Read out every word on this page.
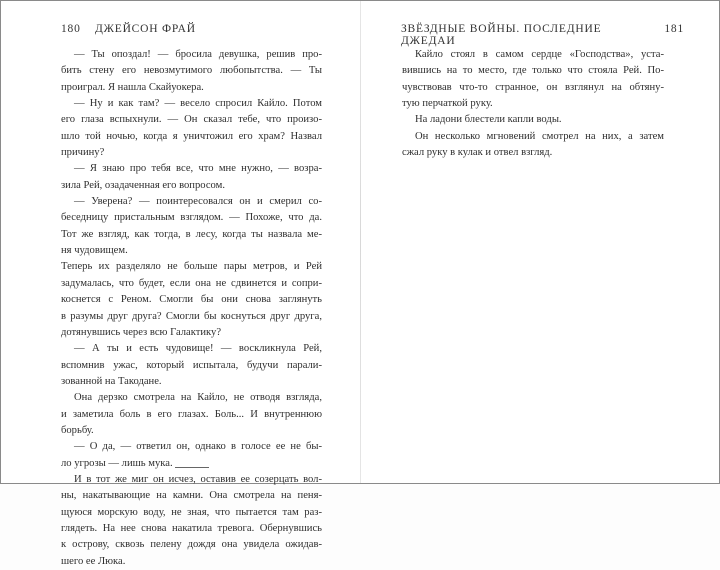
180 ДЖЕЙСОН ФРАЙ
— Ты опоздал! — бросила девушка, решив про-
бить стену его невозмутимого любопытства. — Ты
проиграл. Я нашла Скайуокера.
— Ну и как там? — весело спросил Кайло. Потом
его глаза вспыхнули. — Он сказал тебе, что произо-
шло той ночью, когда я уничтожил его храм? Назвал
причину?
— Я знаю про тебя все, что мне нужно, — возра-
зила Рей, озадаченная его вопросом.
— Уверена? — поинтересовался он и смерил со-
беседницу пристальным взглядом. — Похоже, что да.
Тот же взгляд, как тогда, в лесу, когда ты назвала ме-
ня чудовищем.
Теперь их разделяло не больше пары метров, и Рей
задумалась, что будет, если она не сдвинется и сопри-
коснется с Реном. Смогли бы они снова заглянуть
в разумы друг друга? Смогли бы коснуться друг друга,
дотянувшись через всю Галактику?
— А ты и есть чудовище! — воскликнула Рей,
вспомнив ужас, который испытала, будучи парали-
зованной на Такодане.
Она дерзко смотрела на Кайло, не отводя взгляда,
и заметила боль в его глазах. Боль... И внутреннюю
борьбу.
— О да, — ответил он, однако в голосе ее не бы-
ло угрозы — лишь мука.
И в тот же миг он исчез, оставив ее созерцать вол-
ны, накатывающие на камни. Она смотрела на пеня-
щуюся морскую воду, не зная, что пытается там раз-
глядеть. На нее снова накатила тревога. Обернувшись
к острову, сквозь пелену дождя она увидела ожидав-
шего ее Люка.
ЗВЁЗДНЫЕ ВОЙНЫ. ПОСЛЕДНИЕ ДЖЕДАИ
181
Кайло стоял в самом сердце «Господства», уста-
вившись на то место, где только что стояла Рей. По-
чувствовав что-то странное, он взглянул на обтяну-
тую перчаткой руку.
На ладони блестели капли воды.
Он несколько мгновений смотрел на них, а затем
сжал руку в кулак и отвел взгляд.
